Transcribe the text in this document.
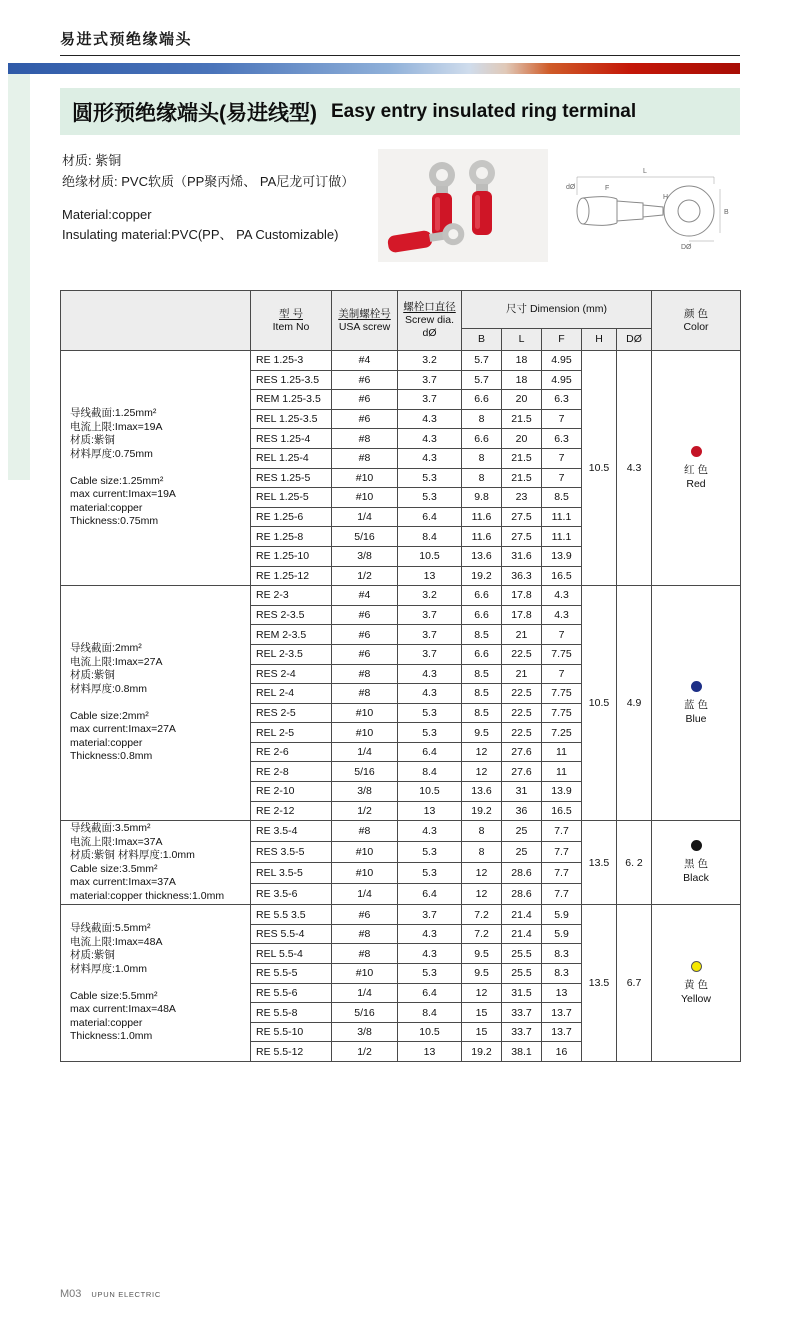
易进式预绝缘端头
圆形预绝缘端头(易进线型) Easy entry insulated ring terminal
材质: 紫铜
绝缘材质: PVC软质（PP聚丙烯、 PA尼龙可订做）
Material:copper
Insulating material:PVC(PP、 PA Customizable)
L
F
B
DØ
dØ
H

型 号
Item No

美制螺栓号
USA screw

螺栓口直径
Screw dia.
dØ
	尺寸 Dimension (mm)	颜 色
Color

				B	L	F	H	DØ	

导线截面:1.25mm²
电流上限:Imax=19A
材质:紫铜
材料厚度:0.75mm

Cable size:1.25mm²
max current:Imax=19A
material:copper
Thickness:0.75mm
	RE 1.25-3	#4	3.2	5.7	18	4.95	10.5	4.3	红 色
Red

	RES 1.25-3.5	#6	3.7	5.7	18	4.95			
	REM 1.25-3.5	#6	3.7	6.6	20	6.3			
	REL 1.25-3.5	#6	4.3	8	21.5	7			
	RES 1.25-4	#8	4.3	6.6	20	6.3			
	REL 1.25-4	#8	4.3	8	21.5	7			
	RES 1.25-5	#10	5.3	8	21.5	7			
	REL 1.25-5	#10	5.3	9.8	23	8.5			
	RE 1.25-6	1/4	6.4	11.6	27.5	11.1			
	RE 1.25-8	5/16	8.4	11.6	27.5	11.1			
	RE 1.25-10	3/8	10.5	13.6	31.6	13.9			
	RE 1.25-12	1/2	13	19.2	36.3	16.5			

导线截面:2mm²
电流上限:Imax=27A
材质:紫铜
材料厚度:0.8mm

Cable size:2mm²
max current:Imax=27A
material:copper
Thickness:0.8mm
	RE 2-3	#4	3.2	6.6	17.8	4.3	10.5	4.9	蓝 色
Blue

	RES 2-3.5	#6	3.7	6.6	17.8	4.3			
	REM 2-3.5	#6	3.7	8.5	21	7			
	REL 2-3.5	#6	3.7	6.6	22.5	7.75			
	RES 2-4	#8	4.3	8.5	21	7			
	REL 2-4	#8	4.3	8.5	22.5	7.75			
	RES 2-5	#10	5.3	8.5	22.5	7.75			
	REL 2-5	#10	5.3	9.5	22.5	7.25			
	RE 2-6	1/4	6.4	12	27.6	11			
	RE 2-8	5/16	8.4	12	27.6	11			
	RE 2-10	3/8	10.5	13.6	31	13.9			
	RE 2-12	1/2	13	19.2	36	16.5			

导线截面:3.5mm²
电流上限:Imax=37A
材质:紫铜 材料厚度:1.0mm
Cable size:3.5mm²
max current:Imax=37A
material:copper thickness:1.0mm
	RE 3.5-4	#8	4.3	8	25	7.7	13.5	6. 2	黑 色
Black

	RES 3.5-5	#10	5.3	8	25	7.7			
	REL 3.5-5	#10	5.3	12	28.6	7.7			
	RE 3.5-6	1/4	6.4	12	28.6	7.7			

导线截面:5.5mm²
电流上限:Imax=48A
材质:紫铜
材料厚度:1.0mm

Cable size:5.5mm²
max current:Imax=48A
material:copper
Thickness:1.0mm
	RE 5.5 3.5	#6	3.7	7.2	21.4	5.9	13.5	6.7	黄 色
Yellow

	RES 5.5-4	#8	4.3	7.2	21.4	5.9			
	REL 5.5-4	#8	4.3	9.5	25.5	8.3			
	RE 5.5-5	#10	5.3	9.5	25.5	8.3			
	RE 5.5-6	1/4	6.4	12	31.5	13			
	RE 5.5-8	5/16	8.4	15	33.7	13.7			
	RE 5.5-10	3/8	10.5	15	33.7	13.7			
	RE 5.5-12	1/2	13	19.2	38.1	16			
M03 UPUN ELECTRIC
